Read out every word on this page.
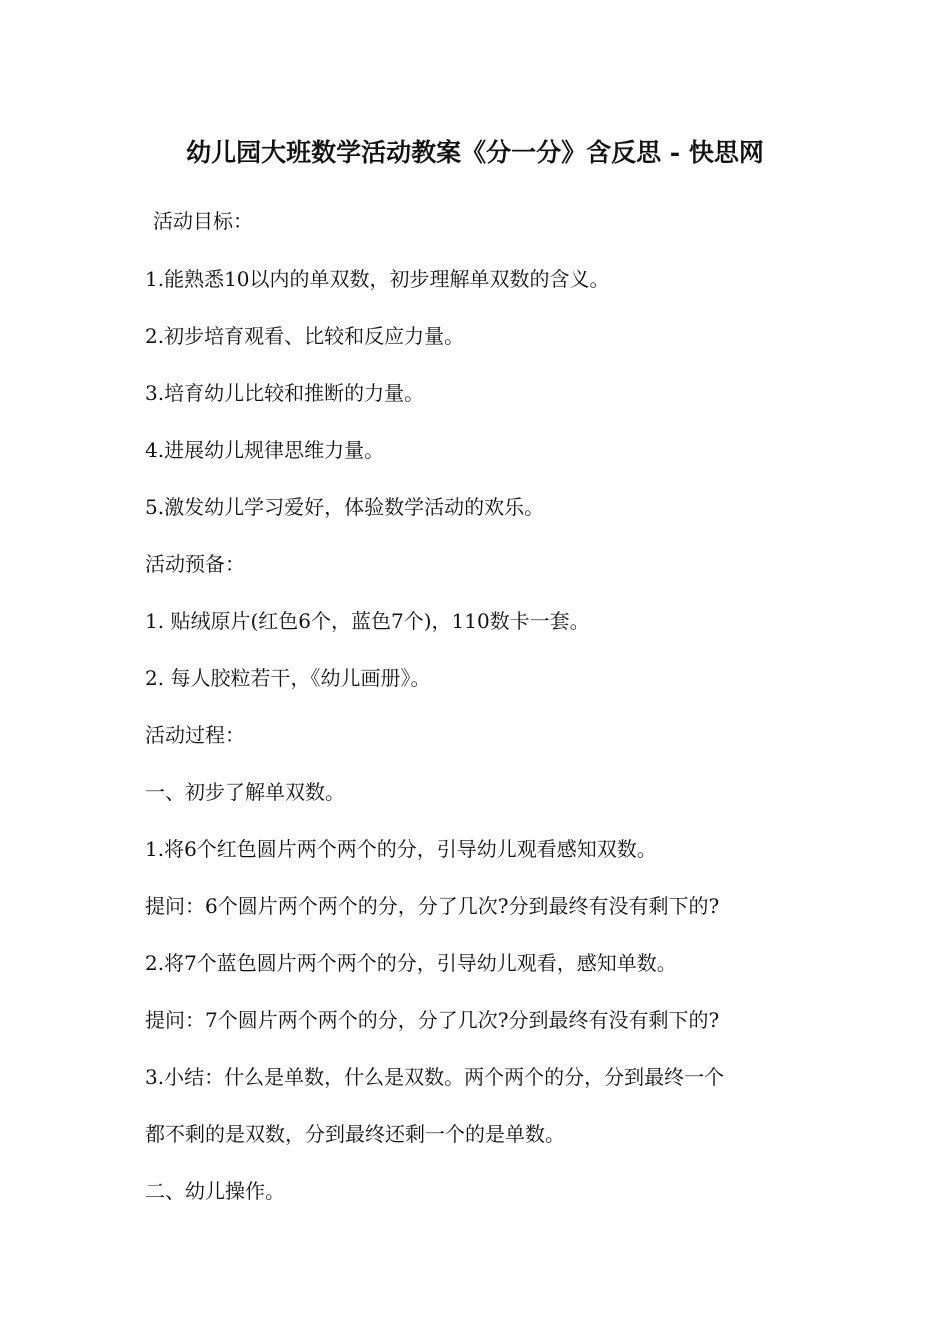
幼儿园大班数学活动教案《分一分》含反思 - 快思网
活动目标：
1.能熟悉10以内的单双数，初步理解单双数的含义。
2.初步培育观看、比较和反应力量。
3.培育幼儿比较和推断的力量。
4.进展幼儿规律思维力量。
5.激发幼儿学习爱好，体验数学活动的欢乐。
活动预备：
1. 贴绒原片(红色6个，蓝色7个)，110数卡一套。
2. 每人胶粒若干，《幼儿画册》。
活动过程：
一、初步了解单双数。
1.将6个红色圆片两个两个的分，引导幼儿观看感知双数。
提问：6个圆片两个两个的分，分了几次?分到最终有没有剩下的?
2.将7个蓝色圆片两个两个的分，引导幼儿观看，感知单数。
提问：7个圆片两个两个的分，分了几次?分到最终有没有剩下的?
3.小结：什么是单数，什么是双数。两个两个的分，分到最终一个
都不剩的是双数，分到最终还剩一个的是单数。
二、幼儿操作。
